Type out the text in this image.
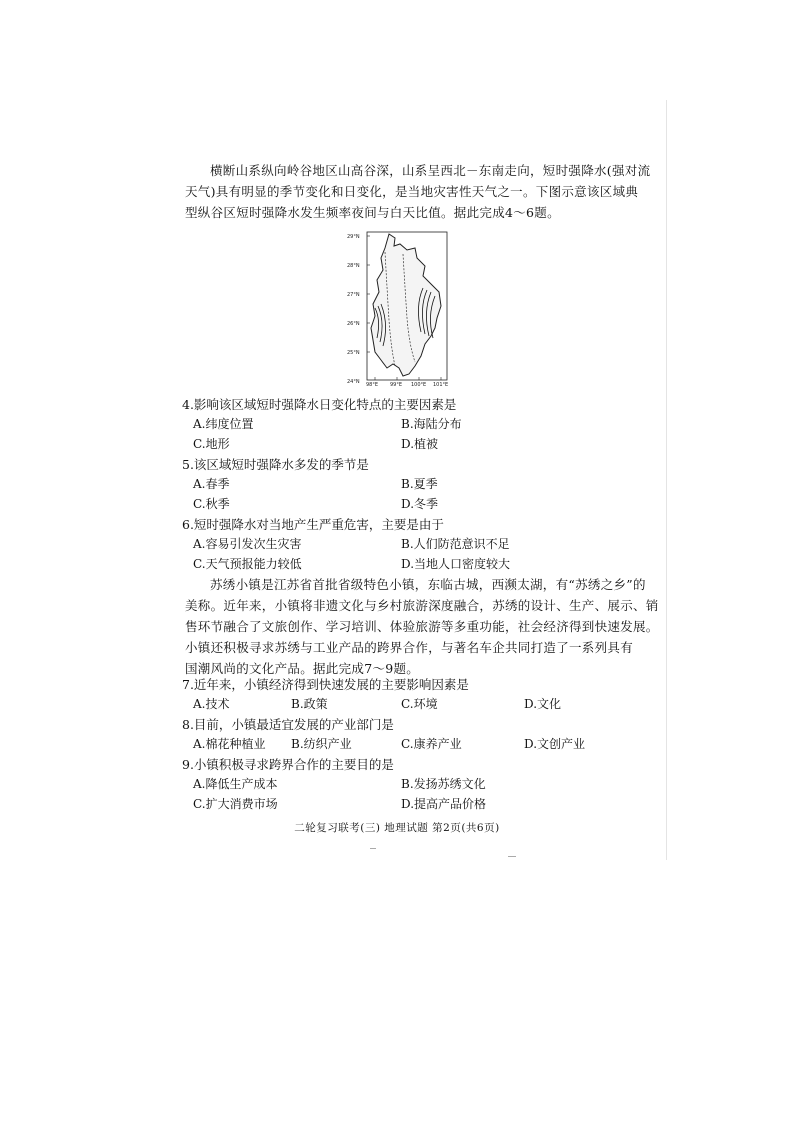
横断山系纵向岭谷地区山高谷深，山系呈西北－东南走向，短时强降水(强对流
天气)具有明显的季节变化和日变化，是当地灾害性天气之一。下图示意该区域典
型纵谷区短时强降水发生频率夜间与白天比值。据此完成4～6题。
29°N
28°N
27°N
26°N
25°N
24°N 98°E 99°E 100°E 101°E
4.影响该区域短时强降水日变化特点的主要因素是
A.纬度位置	B.海陆分布
C.地形	D.植被
5.该区域短时强降水多发的季节是
A.春季	B.夏季
C.秋季	D.冬季
6.短时强降水对当地产生严重危害，主要是由于
A.容易引发次生灾害	B.人们防范意识不足
C.天气预报能力较低	D.当地人口密度较大
苏绣小镇是江苏省首批省级特色小镇，东临古城，西濒太湖，有“苏绣之乡”的
美称。近年来，小镇将非遗文化与乡村旅游深度融合，苏绣的设计、生产、展示、销
售环节融合了文旅创作、学习培训、体验旅游等多重功能，社会经济得到快速发展。
小镇还积极寻求苏绣与工业产品的跨界合作，与著名车企共同打造了一系列具有
国潮风尚的文化产品。据此完成7～9题。
7.近年来，小镇经济得到快速发展的主要影响因素是
A.技术	B.政策	C.环境	D.文化
8.目前，小镇最适宜发展的产业部门是
A.棉花种植业 B.纺织产业	C.康养产业	D.文创产业
9.小镇积极寻求跨界合作的主要目的是
A.降低生产成本	B.发扬苏绣文化
C.扩大消费市场	D.提高产品价格
二轮复习联考(三) 地理试题 第2页(共6页)
